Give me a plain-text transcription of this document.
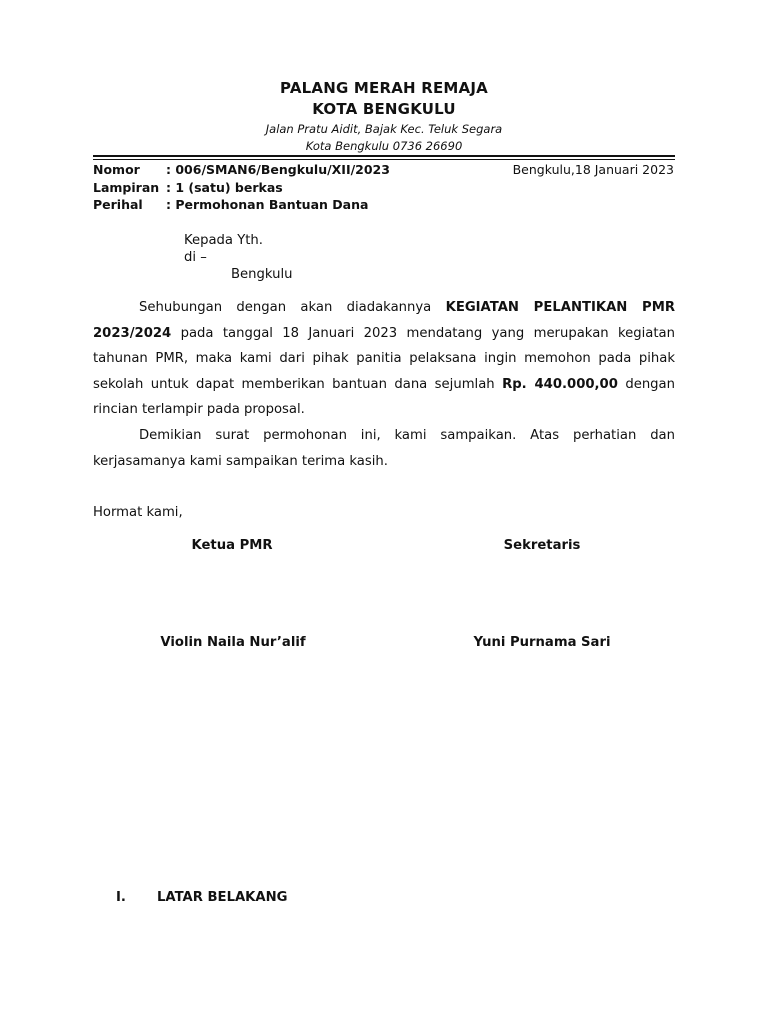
PALANG MERAH REMAJA
KOTA BENGKULU
Jalan Pratu Aidit, Bajak Kec. Teluk Segara
Kota Bengkulu 0736 26690
Nomor : 006/SMAN6/Bengkulu/XII/2023	Bengkulu,18 Januari 2023
Lampiran : 1 (satu) berkas
Perihal : Permohonan Bantuan Dana
Kepada Yth.
di –
Bengkulu
Sehubungan dengan akan diadakannya KEGIATAN PELANTIKAN PMR 2023/2024 pada tanggal 18 Januari 2023 mendatang yang merupakan kegiatan tahunan PMR, maka kami dari pihak panitia pelaksana ingin memohon pada pihak sekolah untuk dapat memberikan bantuan dana sejumlah Rp. 440.000,00 dengan rincian terlampir pada proposal.
Demikian surat permohonan ini, kami sampaikan. Atas perhatian dan kerjasamanya kami sampaikan terima kasih.
Hormat kami,
Ketua PMR	Sekretaris
Violin Naila Nur’alif	Yuni Purnama Sari
I. LATAR BELAKANG
